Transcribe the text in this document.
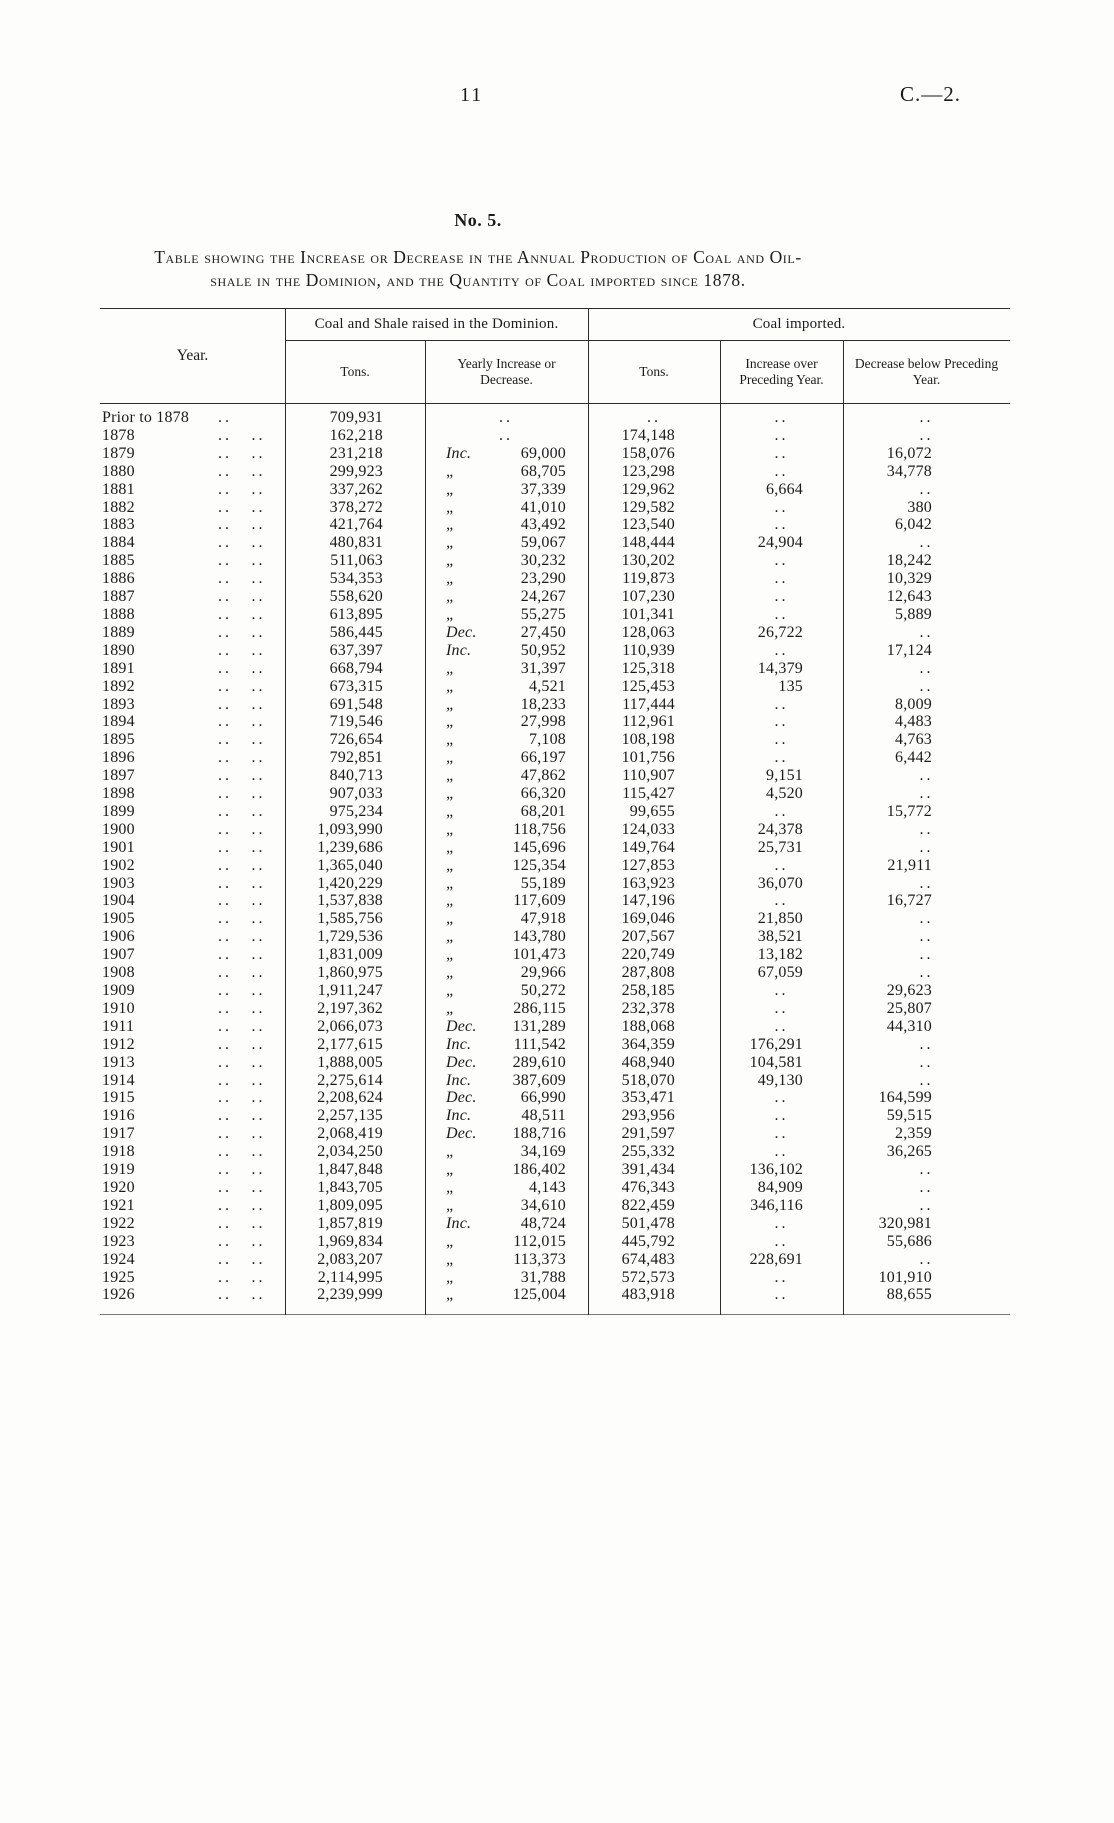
11	C.—2.
No. 5.
Table showing the Increase or Decrease in the Annual Production of Coal and Oil-
shale in the Dominion, and the Quantity of Coal imported since 1878.
Year.
Coal and Shale raised in the Dominion.
Tons.
Yearly Increase or Decrease.
Coal imported.
Tons.
Increase over Preceding Year.
Decrease below Preceding Year.
Prior to 1878	..	709,931	..	..	..	..
1878	..	..	162,218	..	174,148	..	..
1879	..	..	231,218	Inc.	69,000	158,076	..	16,072
1880	..	..	299,923	„	68,705	123,298	..	34,778
1881	..	..	337,262	„	37,339	129,962	6,664	..
1882	..	..	378,272	„	41,010	129,582	..	380
1883	..	..	421,764	„	43,492	123,540	..	6,042
1884	..	..	480,831	„	59,067	148,444	24,904	..
1885	..	..	511,063	„	30,232	130,202	..	18,242
1886	..	..	534,353	„	23,290	119,873	..	10,329
1887	..	..	558,620	„	24,267	107,230	..	12,643
1888	..	..	613,895	„	55,275	101,341	..	5,889
1889	..	..	586,445	Dec.	27,450	128,063	26,722	..
1890	..	..	637,397	Inc.	50,952	110,939	..	17,124
1891	..	..	668,794	„	31,397	125,318	14,379	..
1892	..	..	673,315	„	4,521	125,453	135	..
1893	..	..	691,548	„	18,233	117,444	..	8,009
1894	..	..	719,546	„	27,998	112,961	..	4,483
1895	..	..	726,654	„	7,108	108,198	..	4,763
1896	..	..	792,851	„	66,197	101,756	..	6,442
1897	..	..	840,713	„	47,862	110,907	9,151	..
1898	..	..	907,033	„	66,320	115,427	4,520	..
1899	..	..	975,234	„	68,201	99,655	..	15,772
1900	..	..	1,093,990	„	118,756	124,033	24,378	..
1901	..	..	1,239,686	„	145,696	149,764	25,731	..
1902	..	..	1,365,040	„	125,354	127,853	..	21,911
1903	..	..	1,420,229	„	55,189	163,923	36,070	..
1904	..	..	1,537,838	„	117,609	147,196	..	16,727
1905	..	..	1,585,756	„	47,918	169,046	21,850	..
1906	..	..	1,729,536	„	143,780	207,567	38,521	..
1907	..	..	1,831,009	„	101,473	220,749	13,182	..
1908	..	..	1,860,975	„	29,966	287,808	67,059	..
1909	..	..	1,911,247	„	50,272	258,185	..	29,623
1910	..	..	2,197,362	„	286,115	232,378	..	25,807
1911	..	..	2,066,073	Dec. 131,289	188,068	..	44,310
1912	..	..	2,177,615	Inc.	111,542	364,359	176,291	..
1913	..	..	1,888,005	Dec. 289,610	468,940	104,581	..
1914	..	..	2,275,614	Inc.	387,609	518,070	49,130	..
1915	..	..	2,208,624	Dec.	66,990	353,471	..	164,599
1916	..	..	2,257,135	Inc.	48,511	293,956	..	59,515
1917	..	..	2,068,419	Dec. 188,716	291,597	..	2,359
1918	..	..	2,034,250	„	34,169	255,332	..	36,265
1919	..	..	1,847,848	„	186,402	391,434	136,102	..
1920	..	..	1,843,705	„	4,143	476,343	84,909	..
1921	..	..	1,809,095	„	34,610	822,459	346,116	..
1922	..	..	1,857,819	Inc.	48,724	501,478	..	320,981
1923	..	..	1,969,834	„	112,015	445,792	..	55,686
1924	..	..	2,083,207	„	113,373	674,483	228,691	..
1925	..	..	2,114,995	„	31,788	572,573	..	101,910
1926	..	..	2,239,999	„	125,004	483,918	..	88,655
